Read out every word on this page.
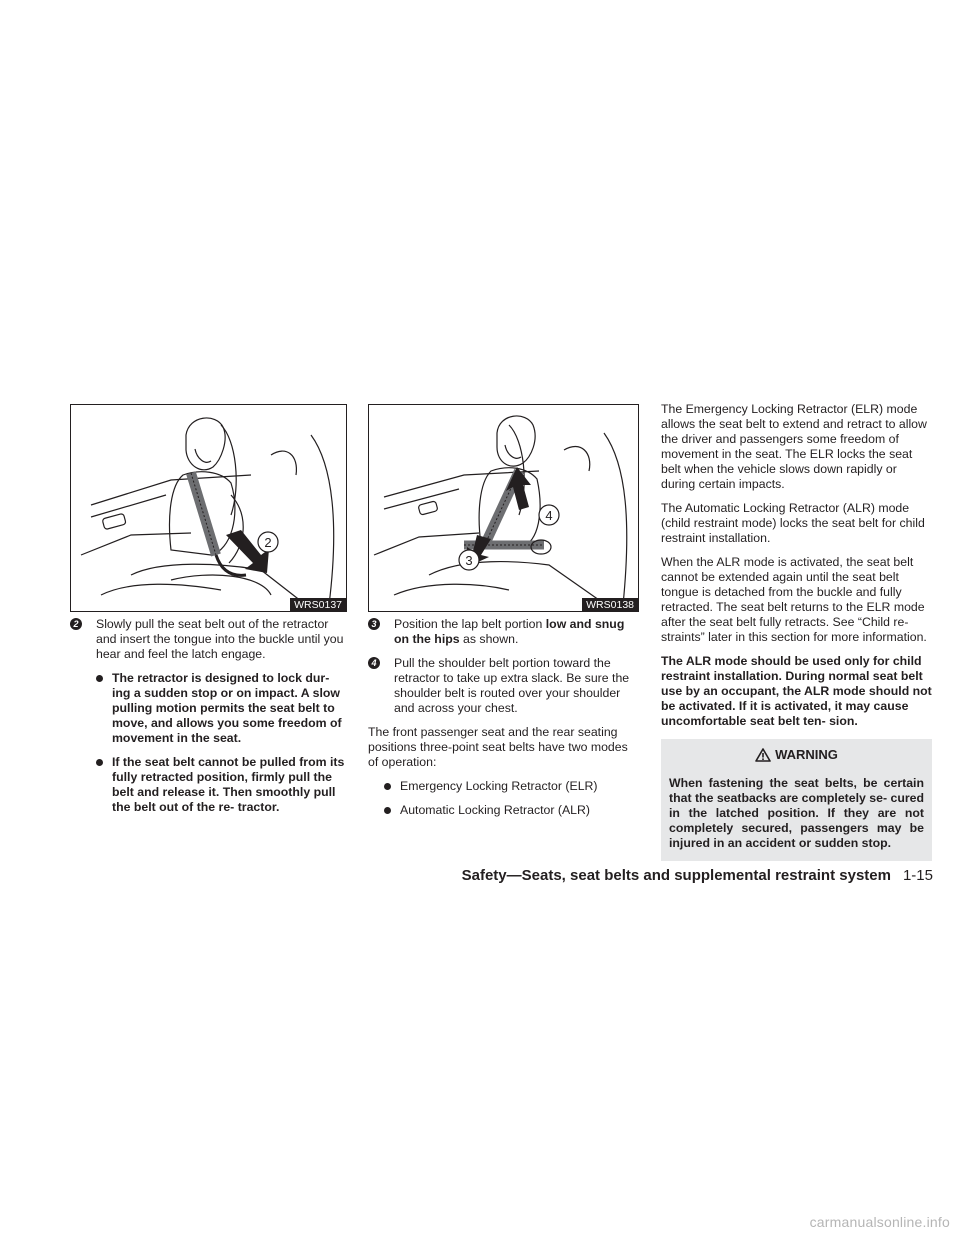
2
WRS0137
2 Slowly pull the seat belt out of the retractor and insert the tongue into the buckle until you hear and feel the latch engage.

The retractor is designed to lock dur- ing a sudden stop or on impact. A slow pulling motion permits the seat belt to move, and allows you some freedom of movement in the seat.
If the seat belt cannot be pulled from its fully retracted position, firmly pull the belt and release it. Then smoothly pull the belt out of the re- tractor.
4
3
WRS0138
3 Position the lap belt portion low and snug on the hips as shown.

4 Pull the shoulder belt portion toward the retractor to take up extra slack. Be sure the shoulder belt is routed over your shoulder and across your chest.

The front passenger seat and the rear seating positions three-point seat belts have two modes of operation:

Emergency Locking Retractor (ELR)
Automatic Locking Retractor (ALR)

The Emergency Locking Retractor (ELR) mode allows the seat belt to extend and retract to allow the driver and passengers some freedom of movement in the seat. The ELR locks the seat belt when the vehicle slows down rapidly or during certain impacts.

The Automatic Locking Retractor (ALR) mode (child restraint mode) locks the seat belt for child restraint installation.

When the ALR mode is activated, the seat belt cannot be extended again until the seat belt tongue is detached from the buckle and fully retracted. The seat belt returns to the ELR mode after the seat belt fully retracts. See “Child re- straints” later in this section for more information.

The ALR mode should be used only for child restraint installation. During normal seat belt use by an occupant, the ALR mode should not be activated. If it is activated, it may cause uncomfortable seat belt ten- sion.

WARNING

When fastening the seat belts, be certain that the seatbacks are completely se- cured in the latched position. If they are not completely secured, passengers may be injured in an accident or sudden stop.

Safety—Seats, seat belts and supplemental restraint system 1-15
carmanualsonline.info
